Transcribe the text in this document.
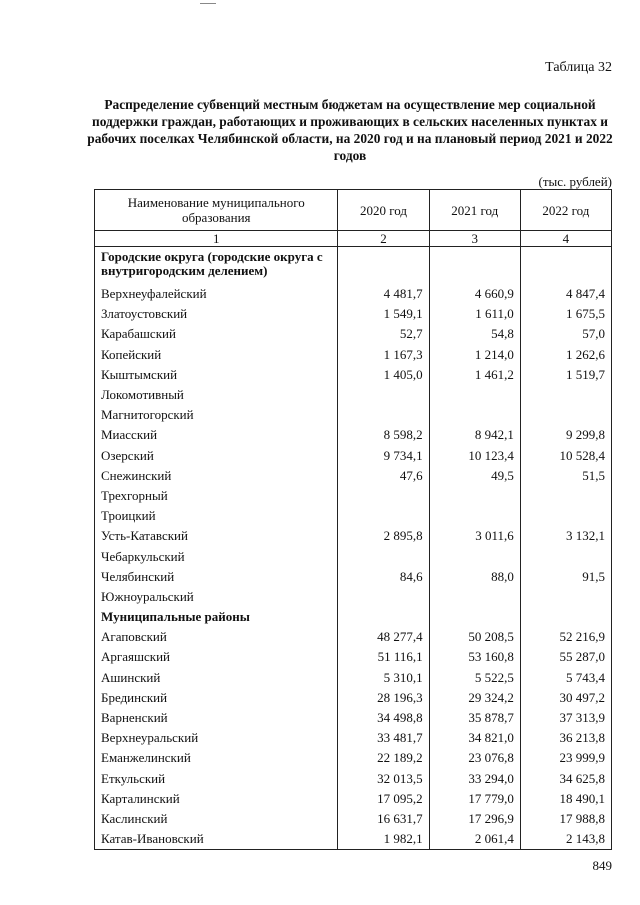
Таблица 32
Распределение субвенций местным бюджетам на осуществление мер социальной поддержки граждан, работающих и проживающих в сельских населенных пунктах и рабочих поселках Челябинской области, на 2020 год и на плановый период 2021 и 2022 годов
(тыс. рублей)
Наименование муниципального образования	2020 год	2021 год	2022 год
1	2	3	4
Городские округа (городские округа с внутригородским делением)			
Верхнеуфалейский	4 481,7	4 660,9	4 847,4
Златоустовский	1 549,1	1 611,0	1 675,5
Карабашский	52,7	54,8	57,0
Копейский	1 167,3	1 214,0	1 262,6
Кыштымский	1 405,0	1 461,2	1 519,7
Локомотивный			
Магнитогорский			
Миасский	8 598,2	8 942,1	9 299,8
Озерский	9 734,1	10 123,4	10 528,4
Снежинский	47,6	49,5	51,5
Трехгорный			
Троицкий			
Усть-Катавский	2 895,8	3 011,6	3 132,1
Чебаркульский			
Челябинский	84,6	88,0	91,5
Южноуральский			
Муниципальные районы			
Агаповский	48 277,4	50 208,5	52 216,9
Аргаяшский	51 116,1	53 160,8	55 287,0
Ашинский	5 310,1	5 522,5	5 743,4
Брединский	28 196,3	29 324,2	30 497,2
Варненский	34 498,8	35 878,7	37 313,9
Верхнеуральский	33 481,7	34 821,0	36 213,8
Еманжелинский	22 189,2	23 076,8	23 999,9
Еткульский	32 013,5	33 294,0	34 625,8
Карталинский	17 095,2	17 779,0	18 490,1
Каслинский	16 631,7	17 296,9	17 988,8
Катав-Ивановский	1 982,1	2 061,4	2 143,8
849
